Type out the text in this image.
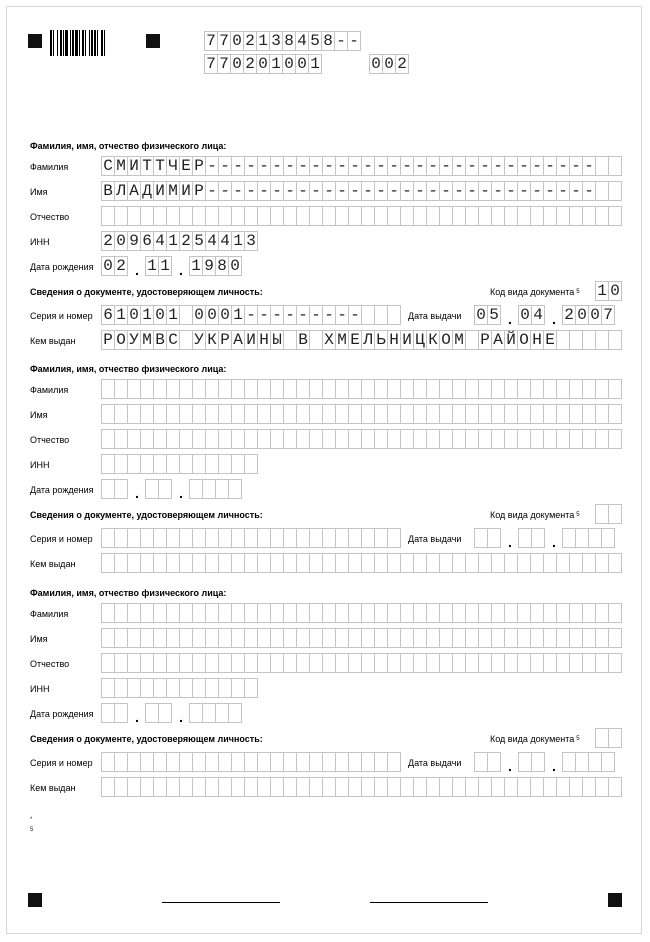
7 7 0 2 1 3 8 4 5 8 - -
7 7 0 2 0 1 0 0 1	0 0 2
Фамилия, имя, отчество физического лица:
Фамилия С М И Т Т Ч Е Р - - - - - - - - - - - - - - - - - - - - - - - - - - - - - -
Имя	В Л А Д И М И Р - - - - - - - - - - - - - - - - - - - - - - - - - - - - - -
Отчество
ИНН	2 0 9 6 4 1 2 5 4 4 1 3
Дата рождения 0 2 . 1 1 . 1 9 8 0
Сведения о документе, удостоверяющем личность:	Код вида документа $^5$ 1 0
Серия и номер 6 1 0 1 0 1 0 0 0 1 - - - - - - - - -	Дата выдачи 0 5 . 0 4 . 2 0 0 7
Кем выдан Р О У М В С У К Р А И Н Ы В Х М Е Л Ь Н И Ц К О М Р А Й О Н Е
Фамилия, имя, отчество физического лица:
Фамилия
Имя
Отчество
ИНН
Дата рождения	.	.
Сведения о документе, удостоверяющем личность:	Код вида документа $^5$
Серия и номер	Дата выдачи	.	.
Кем выдан
Фамилия, имя, отчество физического лица:
Фамилия
Имя
Отчество
ИНН
Дата рождения	.	.
Сведения о документе, удостоверяющем личность:	Код вида документа $^5$
Серия и номер	Дата выдачи	.	.
Кем выдан
*
5
